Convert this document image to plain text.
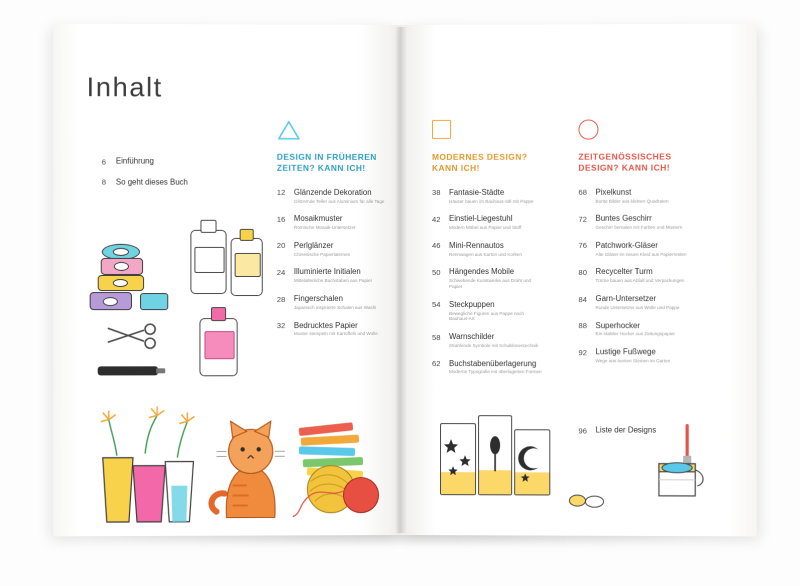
Inhalt
6	Einführung
8	So geht dieses Buch
DESIGN IN FRÜHEREN ZEITEN? KANN ICH!
12	Glänzende Dekoration
Glitzernde Teller aus Aluminium für alle Tage
16	Mosaikmuster
Römische Mosaik-Untersetzer
20	Perlglänzer
Chinesische Papierlaternen
24	Illuminierte Initialen
Mittelalterliche Buchstaben aus Papier
28	Fingerschalen
Japanisch inspirierte Schalen aus Washi
32	Bedrucktes Papier
Muster stempeln mit Kartoffeln und Wolle
MODERNES DESIGN? KANN ICH!
38	Fantasie-Städte
Häuser bauen im Bauhaus-Stil mit Pappe
42	Einstiel-Liegestuhl
Modern Möbel aus Papier und Stoff
46	Mini-Rennautos
Rennwagen aus Karton und Korken
50	Hängendes Mobile
Schwebende Kunstwerke aus Draht und Papier
54	Steckpuppen
Bewegliche Figuren aus Pappe nach Bauhaus-Art
58	Warnschilder
Strahlende Symbole mit Schablonentechnik
62	Buchstabenüberlagerung
Moderne Typografie mit überlagerten Formen
ZEITGENÖSSISCHES DESIGN? KANN ICH!
68	Pixelkunst
Bunte Bilder aus kleinen Quadraten
72	Buntes Geschirr
Geschirr bemalen mit Farben und Mustern
76	Patchwork-Gläser
Alte Gläser im neuen Kleid aus Papierresten
80	Recycelter Turm
Türme bauen aus Abfall und Verpackungen
84	Garn-Untersetzer
Runde Untersetzer aus Wolle und Pappe
88	Superhocker
Ein stabiler Hocker aus Zeitungspapier
92	Lustige Fußwege
Wege aus bunten Steinen im Garten
96	Liste der Designs
